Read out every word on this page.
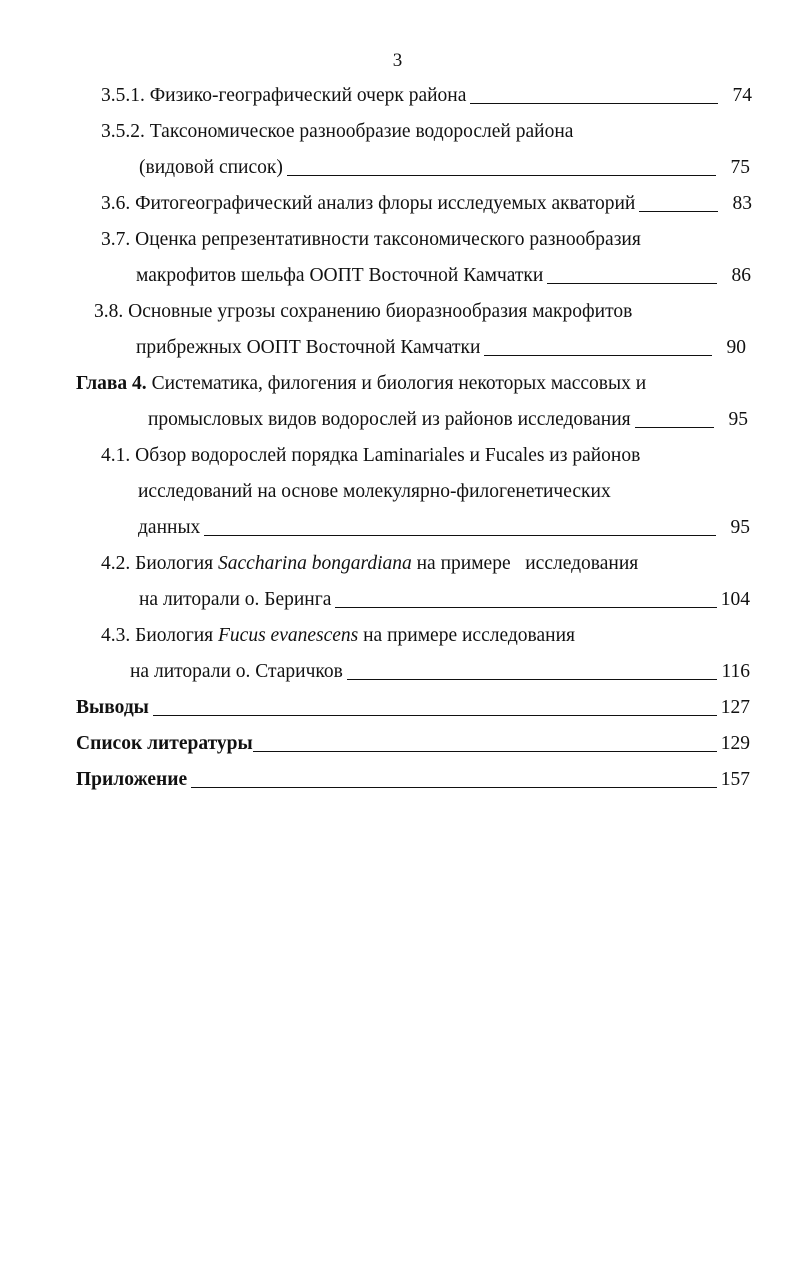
3
3.5.1. Физико-географический очерк района	74
3.5.2. Таксономическое разнообразие водорослей района
(видовой список)	75
3.6. Фитогеографический анализ флоры исследуемых акваторий	83
3.7. Оценка репрезентативности таксономического разнообразия
макрофитов шельфа ООПТ Восточной Камчатки	86
3.8. Основные угрозы сохранению биоразнообразия макрофитов
прибрежных ООПТ Восточной Камчатки	90
Глава 4. Систематика, филогения и биология некоторых массовых и
промысловых видов водорослей из районов исследования	95
4.1. Обзор водорослей порядка Laminariales и Fucales из районов
исследований на основе молекулярно-филогенетических
данных	95
4.2. Биология Saccharina bongardiana на примере   исследования
на литорали о. Беринга	104
4.3. Биология Fucus evanescens на примере исследования
на литорали о. Старичков	116
Выводы	127
Список литературы	129
Приложение	157
